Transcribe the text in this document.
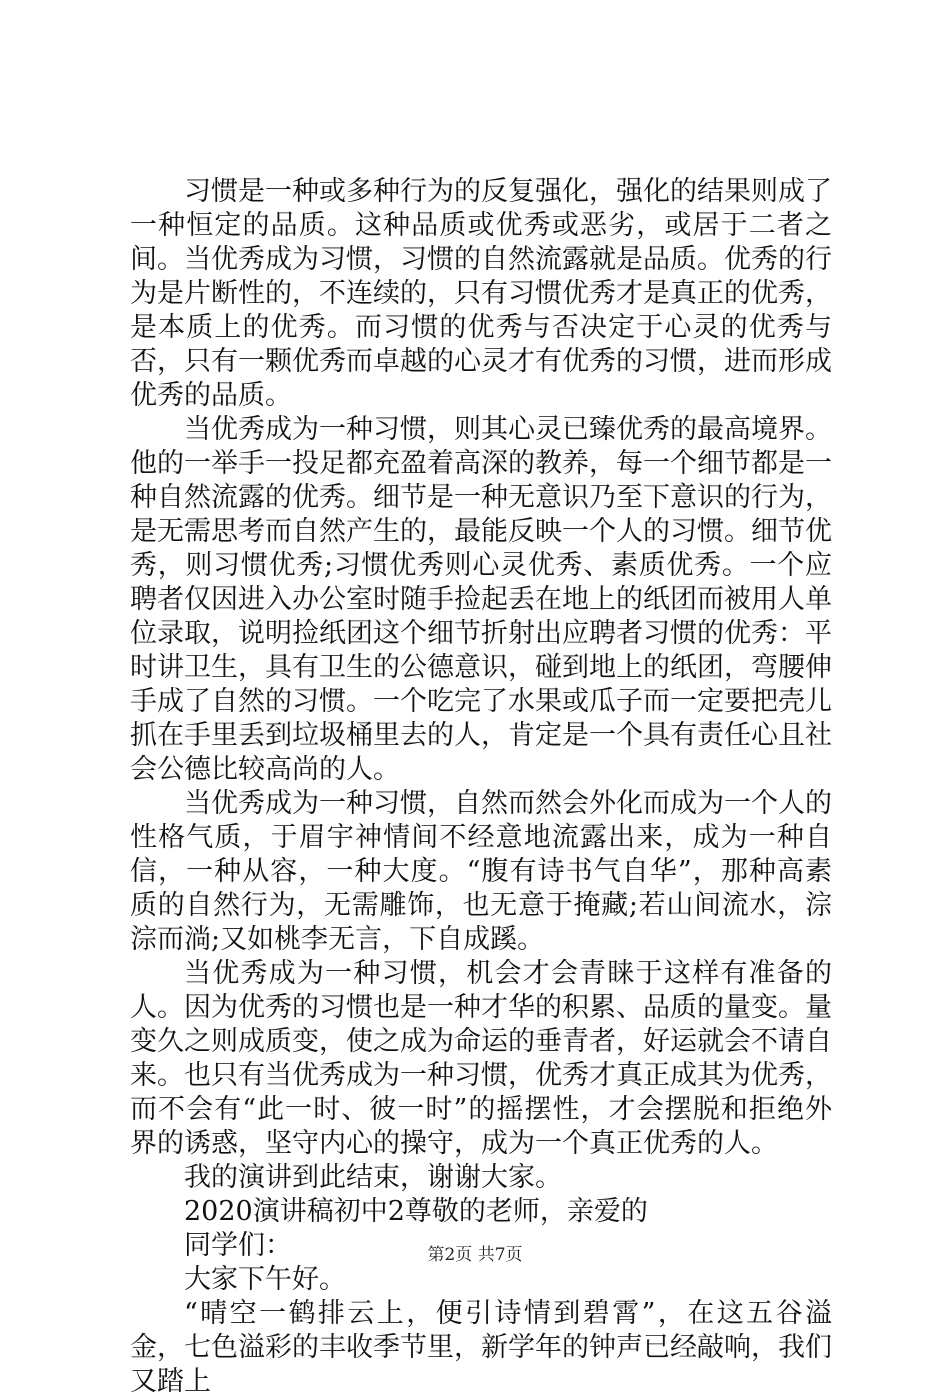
习惯是一种或多种行为的反复强化，强化的结果则成了一种恒定的品质。这种品质或优秀或恶劣，或居于二者之间。当优秀成为习惯，习惯的自然流露就是品质。优秀的行为是片断性的，不连续的，只有习惯优秀才是真正的优秀，是本质上的优秀。而习惯的优秀与否决定于心灵的优秀与否，只有一颗优秀而卓越的心灵才有优秀的习惯，进而形成优秀的品质。

当优秀成为一种习惯，则其心灵已臻优秀的最高境界。他的一举手一投足都充盈着高深的教养，每一个细节都是一种自然流露的优秀。细节是一种无意识乃至下意识的行为，是无需思考而自然产生的，最能反映一个人的习惯。细节优秀，则习惯优秀;习惯优秀则心灵优秀、素质优秀。一个应聘者仅因进入办公室时随手捡起丢在地上的纸团而被用人单位录取，说明捡纸团这个细节折射出应聘者习惯的优秀：平时讲卫生，具有卫生的公德意识，碰到地上的纸团，弯腰伸手成了自然的习惯。一个吃完了水果或瓜子而一定要把壳儿抓在手里丢到垃圾桶里去的人，肯定是一个具有责任心且社会公德比较高尚的人。

当优秀成为一种习惯，自然而然会外化而成为一个人的性格气质，于眉宇神情间不经意地流露出来，成为一种自信，一种从容，一种大度。“腹有诗书气自华”，那种高素质的自然行为，无需雕饰，也无意于掩藏;若山间流水，淙淙而淌;又如桃李无言，下自成蹊。

当优秀成为一种习惯，机会才会青睐于这样有准备的人。因为优秀的习惯也是一种才华的积累、品质的量变。量变久之则成质变，使之成为命运的垂青者，好运就会不请自来。也只有当优秀成为一种习惯，优秀才真正成其为优秀，而不会有“此一时、彼一时”的摇摆性，才会摆脱和拒绝外界的诱惑，坚守内心的操守，成为一个真正优秀的人。

我的演讲到此结束，谢谢大家。

2020演讲稿初中2尊敬的老师，亲爱的

同学们：

大家下午好。

“晴空一鹤排云上，便引诗情到碧霄”，在这五谷溢金，七色溢彩的丰收季节里，新学年的钟声已经敲响，我们又踏上

第2页 共7页
